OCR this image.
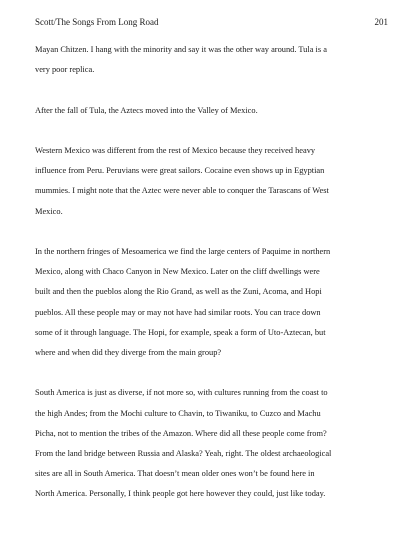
Scott/The Songs From Long Road	201

Mayan Chitzen. I hang with the minority and say it was the other way around. Tula is a
very poor replica.

After the fall of Tula, the Aztecs moved into the Valley of Mexico.

Western Mexico was different from the rest of Mexico because they received heavy
influence from Peru. Peruvians were great sailors. Cocaine even shows up in Egyptian
mummies. I might note that the Aztec were never able to conquer the Tarascans of West
Mexico.

In the northern fringes of Mesoamerica we find the large centers of Paquime in northern
Mexico, along with Chaco Canyon in New Mexico. Later on the cliff dwellings were
built and then the pueblos along the Rio Grand, as well as the Zuni, Acoma, and Hopi
pueblos. All these people may or may not have had similar roots. You can trace down
some of it through language. The Hopi, for example, speak a form of Uto-Aztecan, but
where and when did they diverge from the main group?

South America is just as diverse, if not more so, with cultures running from the coast to
the high Andes; from the Mochi culture to Chavin, to Tiwaniku, to Cuzco and Machu
Picha, not to mention the tribes of the Amazon. Where did all these people come from?
From the land bridge between Russia and Alaska? Yeah, right. The oldest archaeological
sites are all in South America. That doesn’t mean older ones won’t be found here in
North America. Personally, I think people got here however they could, just like today.
